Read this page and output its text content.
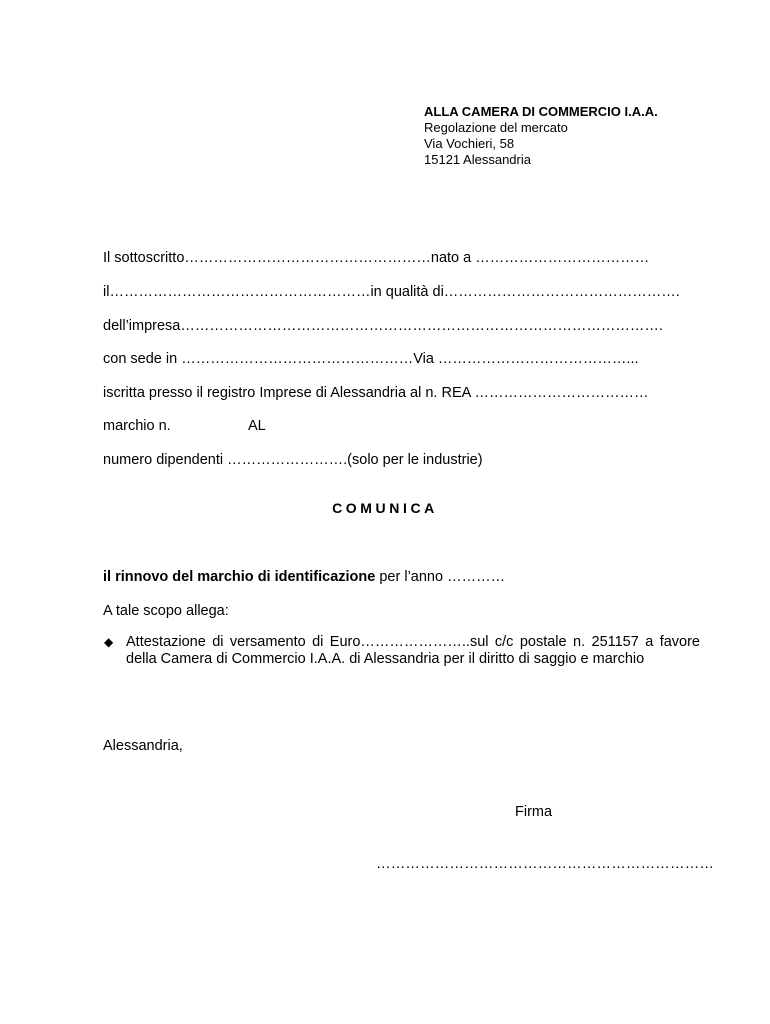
ALLA CAMERA DI COMMERCIO I.A.A.
Regolazione del mercato
Via Vochieri, 58
15121 Alessandria
Il sottoscritto……………………………………………nato a ………………………………
il………………………………………………in qualità di………………………………………….
dell’impresa……………………………………………………………………………………….
con sede in …………………………………………Via …………………………………...
iscritta presso il registro Imprese di Alessandria al n. REA ………………………………
marchio n.	AL
numero dipendenti …………………….(solo per le industrie)
COMUNICA
il rinnovo del marchio di identificazione per l’anno …………
A tale scopo allega:
◆ Attestazione di versamento di Euro…………………..sul c/c postale n. 251157 a favore della Camera di Commercio I.A.A. di Alessandria per il diritto di saggio e marchio
Alessandria,
Firma
……………………………………………………………
